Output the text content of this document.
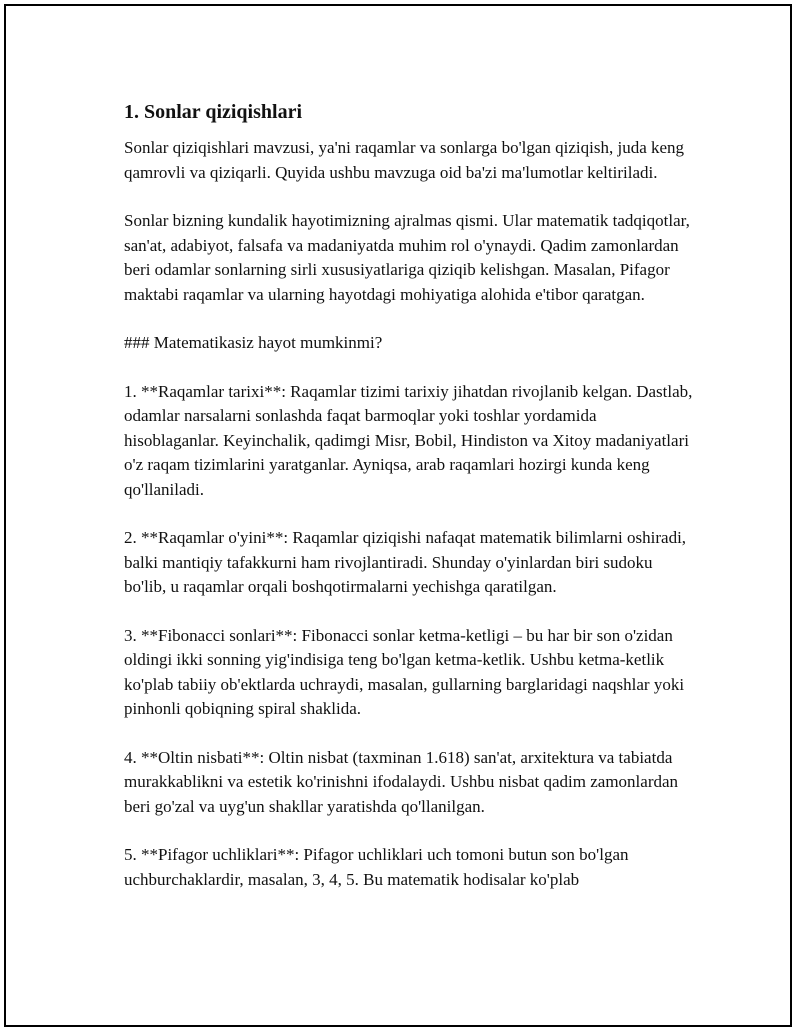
1. Sonlar qiziqishlari

Sonlar qiziqishlari mavzusi, ya'ni raqamlar va sonlarga bo'lgan qiziqish, juda keng qamrovli va qiziqarli. Quyida ushbu mavzuga oid ba'zi ma'lumotlar keltiriladi.

Sonlar bizning kundalik hayotimizning ajralmas qismi. Ular matematik tadqiqotlar, san'at, adabiyot, falsafa va madaniyatda muhim rol o'ynaydi. Qadim zamonlardan beri odamlar sonlarning sirli xususiyatlariga qiziqib kelishgan. Masalan, Pifagor maktabi raqamlar va ularning hayotdagi mohiyatiga alohida e'tibor qaratgan.

### Matematikasiz hayot mumkinmi?

1. **Raqamlar tarixi**: Raqamlar tizimi tarixiy jihatdan rivojlanib kelgan. Dastlab, odamlar narsalarni sonlashda faqat barmoqlar yoki toshlar yordamida hisoblaganlar. Keyinchalik, qadimgi Misr, Bobil, Hindiston va Xitoy madaniyatlari o'z raqam tizimlarini yaratganlar. Ayniqsa, arab raqamlari hozirgi kunda keng qo'llaniladi.

2. **Raqamlar o'yini**: Raqamlar qiziqishi nafaqat matematik bilimlarni oshiradi, balki mantiqiy tafakkurni ham rivojlantiradi. Shunday o'yinlardan biri sudoku bo'lib, u raqamlar orqali boshqotirmalarni yechishga qaratilgan.

3. **Fibonacci sonlari**: Fibonacci sonlar ketma-ketligi – bu har bir son o'zidan oldingi ikki sonning yig'indisiga teng bo'lgan ketma-ketlik. Ushbu ketma-ketlik ko'plab tabiiy ob'ektlarda uchraydi, masalan, gullarning barglaridagi naqshlar yoki pinhonli qobiqning spiral shaklida.

4. **Oltin nisbati**: Oltin nisbat (taxminan 1.618) san'at, arxitektura va tabiatda murakkablikni va estetik ko'rinishni ifodalaydi. Ushbu nisbat qadim zamonlardan beri go'zal va uyg'un shakllar yaratishda qo'llanilgan.

5. **Pifagor uchliklari**: Pifagor uchliklari uch tomoni butun son bo'lgan uchburchaklardir, masalan, 3, 4, 5. Bu matematik hodisalar ko'plab
